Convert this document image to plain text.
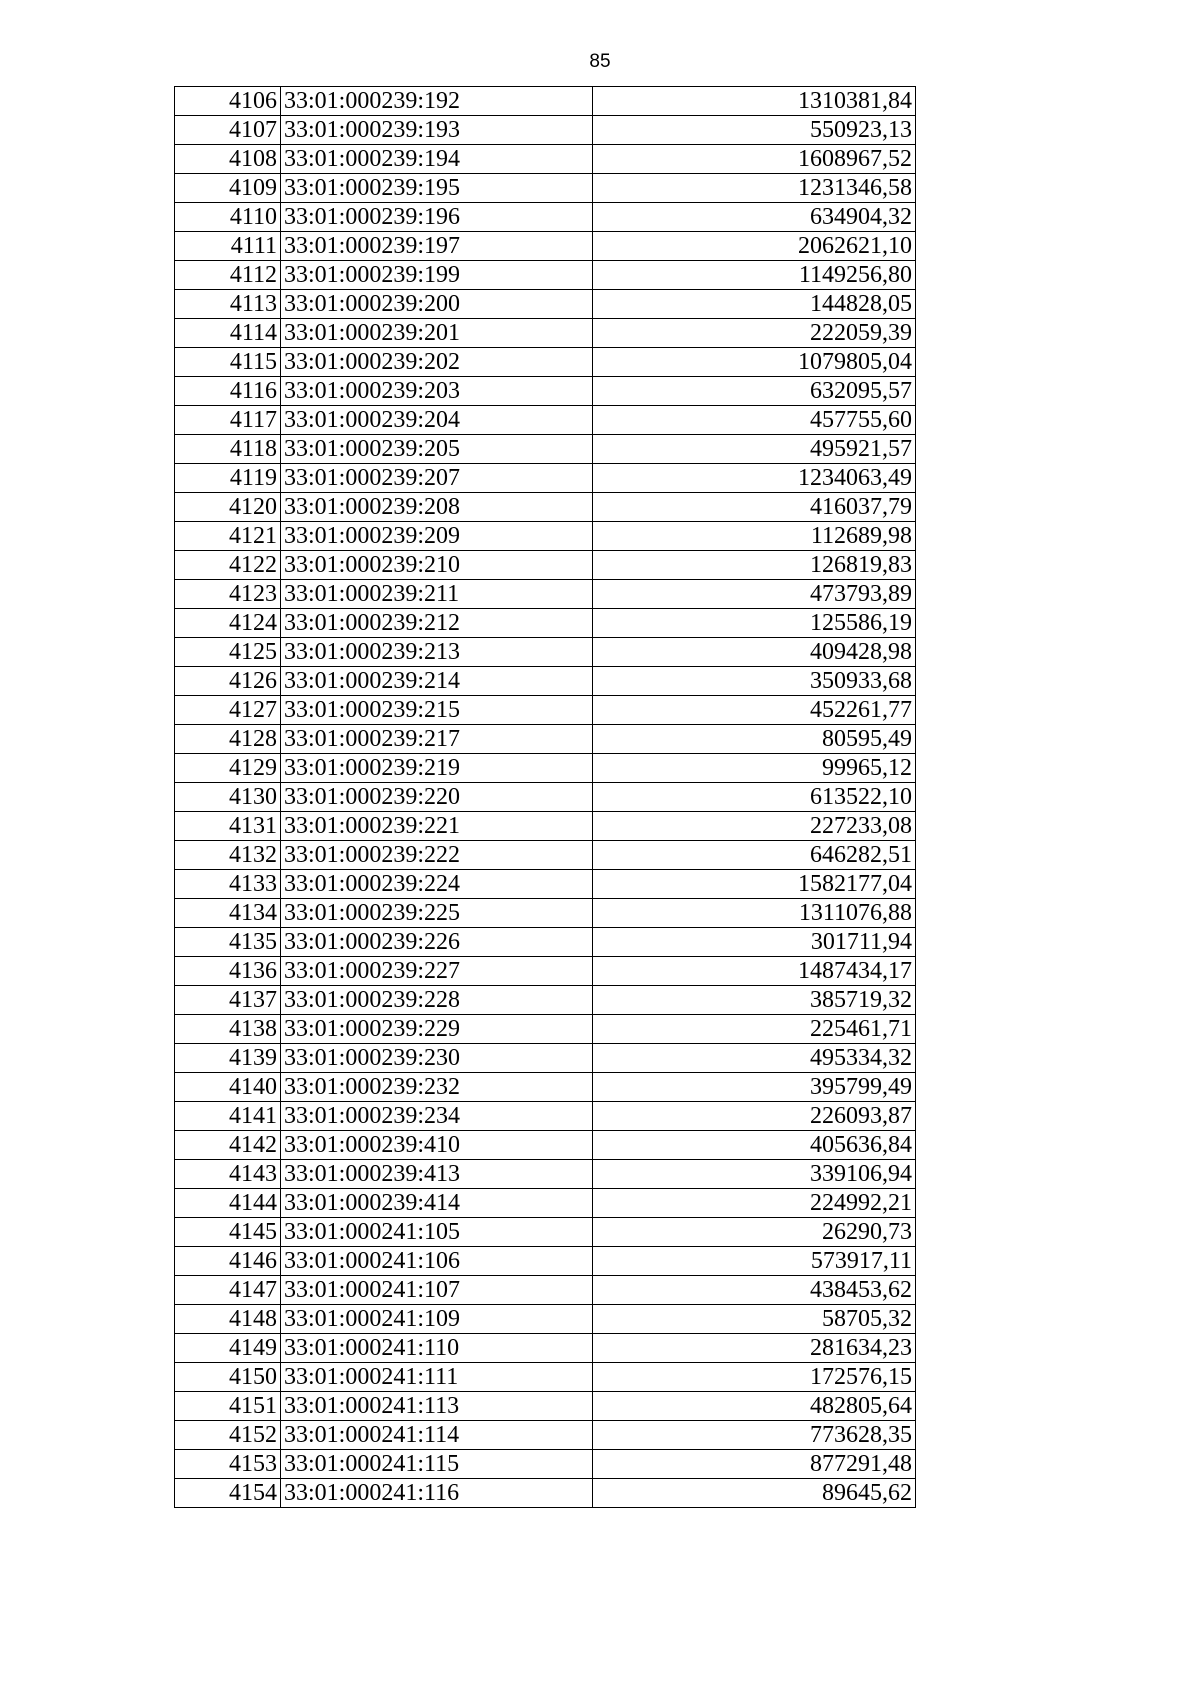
85
4106	33:01:000239:192	1310381,84
4107	33:01:000239:193	550923,13
4108	33:01:000239:194	1608967,52
4109	33:01:000239:195	1231346,58
4110	33:01:000239:196	634904,32
4111	33:01:000239:197	2062621,10
4112	33:01:000239:199	1149256,80
4113	33:01:000239:200	144828,05
4114	33:01:000239:201	222059,39
4115	33:01:000239:202	1079805,04
4116	33:01:000239:203	632095,57
4117	33:01:000239:204	457755,60
4118	33:01:000239:205	495921,57
4119	33:01:000239:207	1234063,49
4120	33:01:000239:208	416037,79
4121	33:01:000239:209	112689,98
4122	33:01:000239:210	126819,83
4123	33:01:000239:211	473793,89
4124	33:01:000239:212	125586,19
4125	33:01:000239:213	409428,98
4126	33:01:000239:214	350933,68
4127	33:01:000239:215	452261,77
4128	33:01:000239:217	80595,49
4129	33:01:000239:219	99965,12
4130	33:01:000239:220	613522,10
4131	33:01:000239:221	227233,08
4132	33:01:000239:222	646282,51
4133	33:01:000239:224	1582177,04
4134	33:01:000239:225	1311076,88
4135	33:01:000239:226	301711,94
4136	33:01:000239:227	1487434,17
4137	33:01:000239:228	385719,32
4138	33:01:000239:229	225461,71
4139	33:01:000239:230	495334,32
4140	33:01:000239:232	395799,49
4141	33:01:000239:234	226093,87
4142	33:01:000239:410	405636,84
4143	33:01:000239:413	339106,94
4144	33:01:000239:414	224992,21
4145	33:01:000241:105	26290,73
4146	33:01:000241:106	573917,11
4147	33:01:000241:107	438453,62
4148	33:01:000241:109	58705,32
4149	33:01:000241:110	281634,23
4150	33:01:000241:111	172576,15
4151	33:01:000241:113	482805,64
4152	33:01:000241:114	773628,35
4153	33:01:000241:115	877291,48
4154	33:01:000241:116	89645,62
